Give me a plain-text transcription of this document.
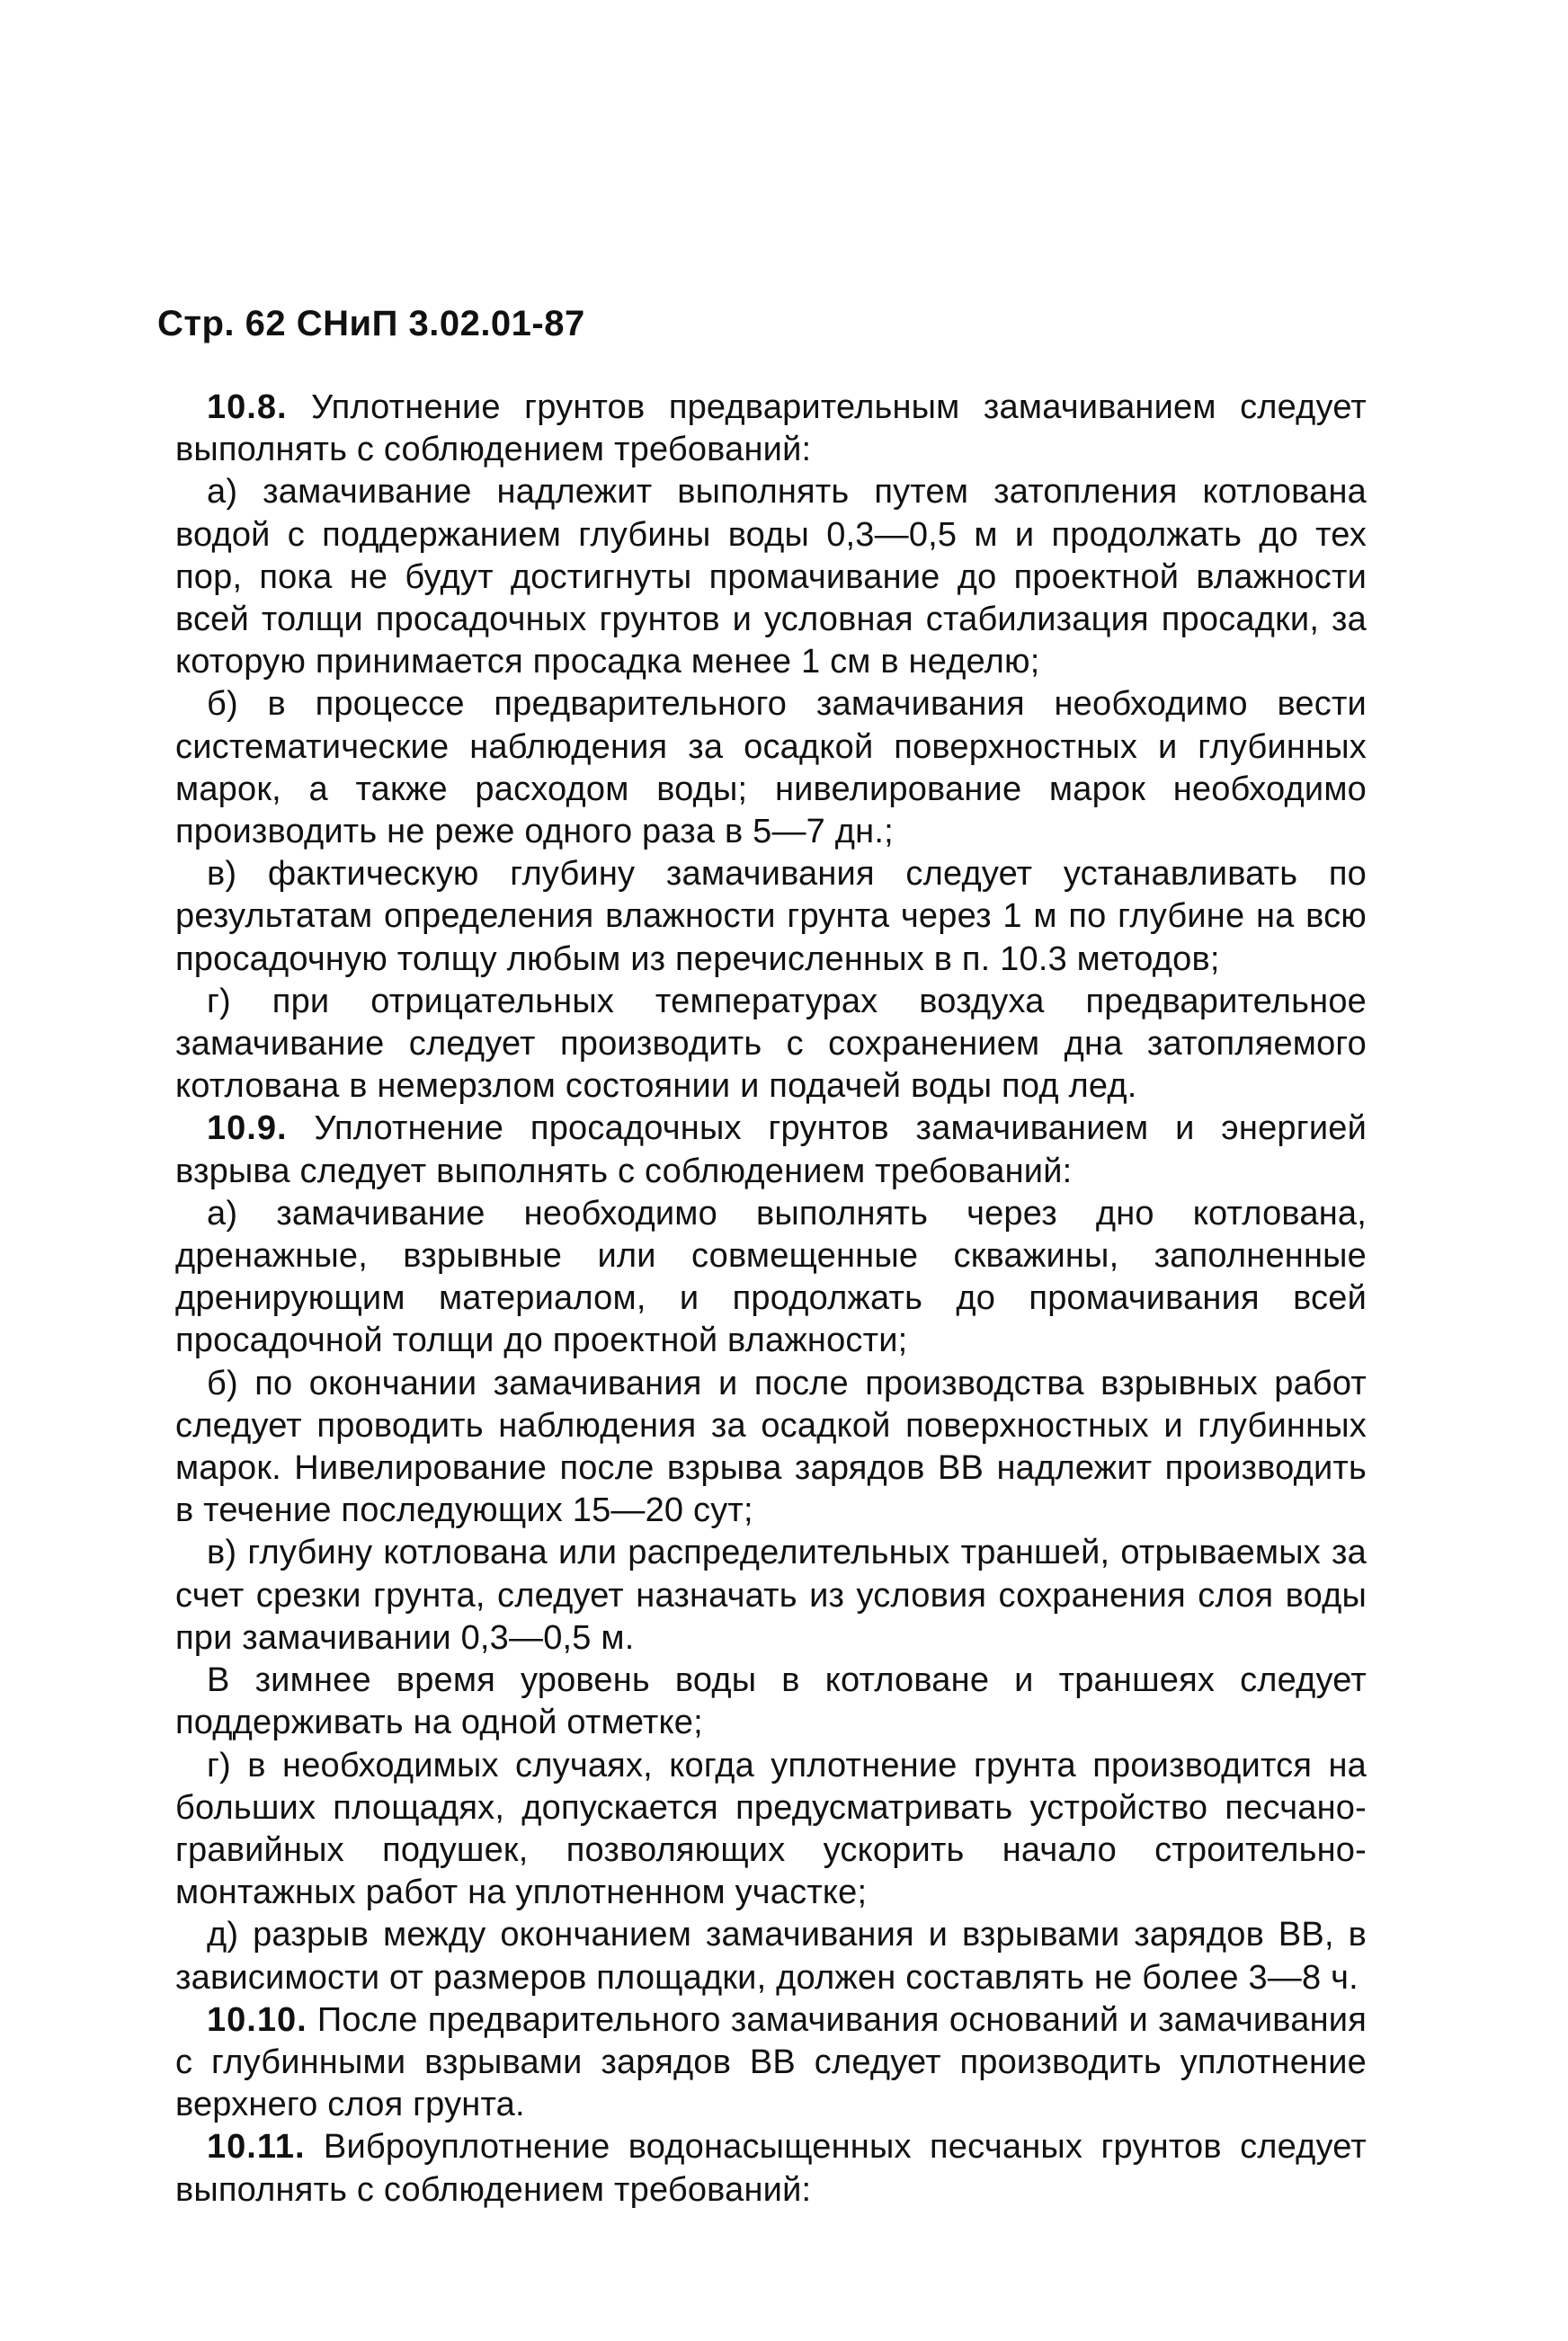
Стр. 62 СНиП 3.02.01-87

10.8. Уплотнение грунтов предварительным замачиванием следует выполнять с соблюдением требований:

а) замачивание надлежит выполнять путем затопления котлована водой с поддержанием глубины воды 0,3—0,5 м и продолжать до тех пор, пока не будут достигнуты промачивание до проектной влажности всей толщи просадочных грунтов и условная стабилизация просадки, за которую принимается просадка менее 1 см в неделю;

б) в процессе предварительного замачивания необходимо вести систематические наблюдения за осадкой поверхностных и глубинных марок, а также расходом воды; нивелирование марок необходимо производить не реже одного раза в 5—7 дн.;

в) фактическую глубину замачивания следует устанавливать по результатам определения влажности грунта через 1 м по глубине на всю просадочную толщу любым из перечисленных в п. 10.3 методов;

г) при отрицательных температурах воздуха предварительное замачивание следует производить с сохранением дна затопляемого котлована в немерзлом состоянии и подачей воды под лед.

10.9. Уплотнение просадочных грунтов замачиванием и энергией взрыва следует выполнять с соблюдением требований:

а) замачивание необходимо выполнять через дно котлована, дренажные, взрывные или совмещенные скважины, заполненные дренирующим материалом, и продолжать до промачивания всей просадочной толщи до проектной влажности;

б) по окончании замачивания и после производства взрывных работ следует проводить наблюдения за осадкой поверхностных и глубинных марок. Нивелирование после взрыва зарядов ВВ надлежит производить в течение последующих 15—20 сут;

в) глубину котлована или распределительных траншей, отрываемых за счет срезки грунта, следует назначать из условия сохранения слоя воды при замачивании 0,3—0,5 м.

В зимнее время уровень воды в котловане и траншеях следует поддерживать на одной отметке;

г) в необходимых случаях, когда уплотнение грунта производится на больших площадях, допускается предусматривать устройство песчано-гравийных подушек, позволяющих ускорить начало строительно-монтажных работ на уплотненном участке;

д) разрыв между окончанием замачивания и взрывами зарядов ВВ, в зависимости от размеров площадки, должен составлять не более 3—8 ч.

10.10. После предварительного замачивания оснований и замачивания с глубинными взрывами зарядов ВВ следует производить уплотнение верхнего слоя грунта.

10.11. Виброуплотнение водонасыщенных песчаных грунтов следует выполнять с соблюдением требований:
